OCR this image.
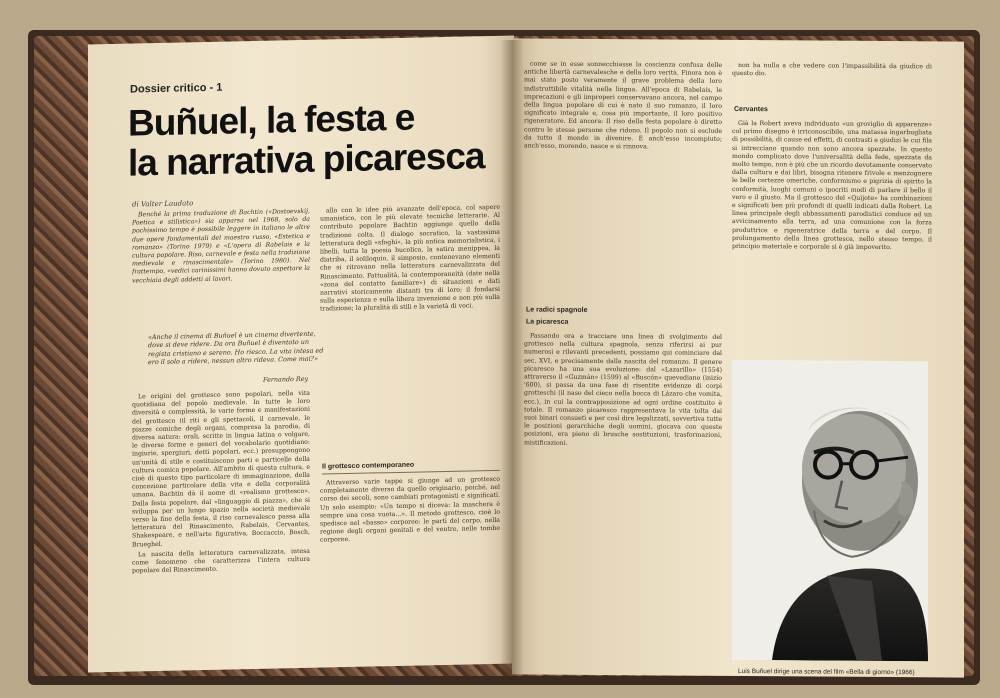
Dossier critico - 1
Buñuel, la festa e
la narrativa picaresca
di Valter Laudato

Benché la prima traduzione di Bachtin («Dostoevskij, Poetica e stilistica») sia apparsa nel 1968, solo da pochissimo tempo è possibile leggere in italiano le altre due opere fondamentali del maestro russo, «Estetica e romanzo» (Torino 1979) e «L'opera di Rabelais e la cultura popolare. Riso, carnevale e festa nella tradizione medievale e rinascimentale» (Torino 1980). Nel frattempo, «vedici carinissimi hanno dovuto aspettare la vecchiaia degli addetti ai lavori.

«Anche il cinema di Buñuel è un cinema divertente, dove si deve ridere. Da ora Buñuel è diventato un regista cristiano e sereno. Ho riesco. La vita intesa ed ero il solo a ridere, nessun altro rideva. Come mai?»
Fernando Rey

Le origini del grottesco sono popolari, nella vita quotidiana del popolo medievale. In tutte le loro diversità e complessità, le varie forme e manifestazioni del grottesco (il riti e gli spettacoli, il carnevale, le piazze comiche degli organi, compresa la parodia, di diversa natura: orali, scritte in lingua latina o volgare, le diverse forme e generi del vocabolario quotidiano: ingiurie, spergiuri, detti popolari, ecc.) presuppongono un'unità di stile e costituiscono parti e particelle della cultura comica popolare. All'ambito di questa cultura, e cioè di questo tipo particolare di immaginazione, della concezione particolare della vita e della corporalità umana, Bachtin dà il nome di «realismo grottesco». Dalla festa popolare, dal «linguaggio di piazza», che si sviluppa per un lungo spazio nella società medievale verso la fine della festa, il riso carnevalesco passa alla letteratura del Rinascimento, Rabelais, Cervantes, Shakespeare, e nell'arte figurativa, Boccaccio, Bosch, Brueghel.

La nascita della letteratura carnevalizzata, intesa come fenomeno che caratterizza l'intera cultura popolare del Rinascimento.

allo con le idee più avanzate dell'epoca, col sapere umanistico, con le più elevate tecniche letterarie. Al contributo popolare Bachtin aggiunge quello della tradizione colta. Il dialogo socratico, la vastissima letteratura degli «sfoghi», la più antica memorialistica, i libelli, tutta la poesia bucolica, la satira menippea, la diatriba, il soliloquio, il simposio, contenevano elementi che si ritrovano nella letteratura carnevalizzata del Rinascimento. Fattualità, la contemporaneità (date nella «zona del contatto familiare») di situazioni e dati narrativi storicamente distanti tra di loro; il fondarsi sulla esperienza e sulla libera invenzione e non più sulla tradizione; la pluralità di stili e la varietà di voci.

Il grottesco contemporaneo

Attraverso varie tappe si giunge ad un grottesco completamente diverso da quello originario, poiché, nel corso dei secoli, sono cambiati protagonisti e significati. Un solo esempio: «Un tempo si diceva: la maschera è sempre una cosa vuota...». Il metodo grottesco, cioè lo spedisce nel «basso» corporeo: le parti del corpo, nella regione degli organi genitali e del ventre, nelle tombe corporee.

come se in esse sonnecchiasse la coscienza confusa delle antiche libertà carnevalesche e della loro verità. Finora non è mai stato posto veramente il grave problema della loro indistruttibile vitalità nella lingua. All'epoca di Rabelais, le imprecazioni e gli improperi conservavano ancora, nel campo della lingua popolare di cui è nato il suo romanzo, il loro significato integrale e, cosa più importante, il loro positivo rigeneratore. Ed ancora: Il riso della festa popolare è diretto contro le stesse persone che ridono. Il popolo non si esclude da tutto il mondo in divenire. E anch'esso incompiuto; anch'esso, morendo, nasce e si rinnova.

Le radici spagnole
La picaresca

Passando ora a tracciare una linea di svolgimento del grottesco nella cultura spagnola, senza riferirsi ai pur numerosi e rilevanti precedenti, possiamo qui cominciare dal sec. XVI, e precisamente dalla nascita del romanzo. Il genere picaresco ha una sua evoluzione: dal «Lazarillo» (1554) attraverso il «Guzmán» (1599) al «Buscón» quevediano (inizio '600), si passa da una fase di risentite evidenze di corpi grotteschi (il naso del cieco nella bocca di Lázaro che vomita, ecc.), in cui la contrapposizione ad ogni ordine costituito è totale. Il romanzo picaresco rappresentava la vita tolta dai suoi binari consueti e per così dire legalizzati, sovvertiva tutte le posizioni gerarchiche degli uomini, giocava con queste posizioni, era pieno di brusche sostituzioni, trasformazioni, mistificazioni.

non ha nulla a che vedere con l'impassibilità da giudice di questo dio.

Cervantes

Già la Robert aveva individuato «un groviglio di apparenze» col primo disegno è irriconoscibile, una matassa ingarbugliata di possibilità, di cause ed effetti, di contrasti e giudizi le cui fila si intrecciano quando non sono ancora spezzate. In questo mondo complicato dove l'universalità della fede, spezzata da molto tempo, non è più che un ricordo devotamente conservato dalla cultura e dai libri, bisogna ritenere frivole e menzognere le belle certezze omeriche, conformismo e pigrizia di spirito la conformità, luoghi comuni o ipocriti modi di parlare il bello il vero e il giusto. Ma il grottesco del «Quijote» ha combinazioni e significati ben più profondi di quelli indicati dalla Robert. La linea principale degli abbassamenti parodistici conduce ad un avvicinamento alla terra, ad una comunione con la forza produttrice e rigeneratrice della terra e del corpo. Il prolungamento della linea grottesca, nello stesso tempo, il principio materiale e corporale si è già impoverito.

Luis Buñuel dirige una scena del film «Bella di giorno» (1966)
